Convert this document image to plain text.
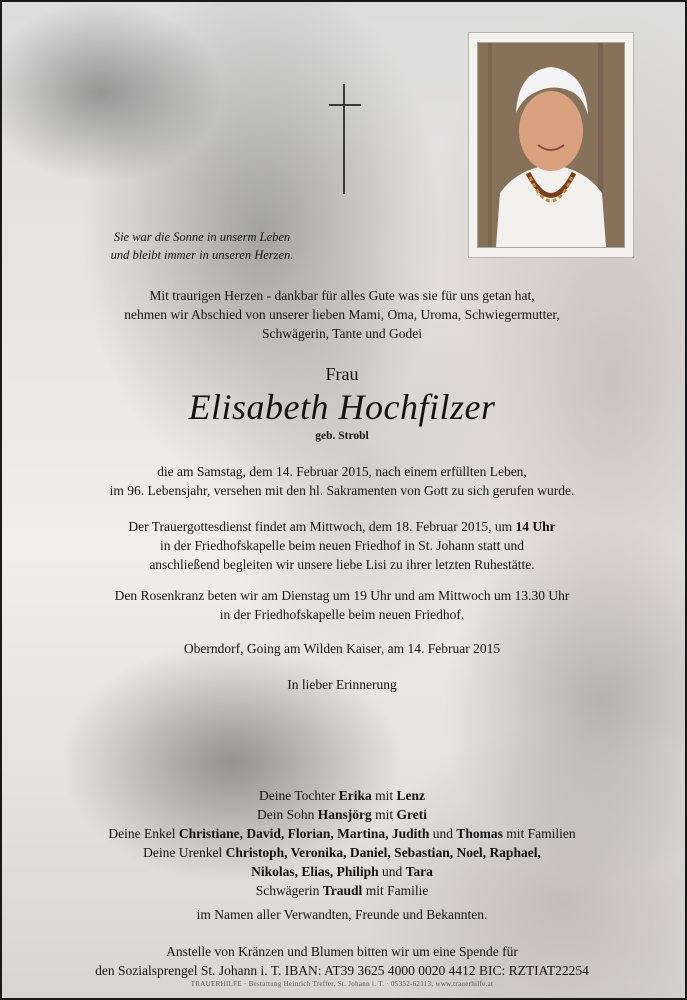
Sie war die Sonne in unserm Leben
und bleibt immer in unseren Herzen.
Mit traurigen Herzen - dankbar für alles Gute was sie für uns getan hat,
nehmen wir Abschied von unserer lieben Mami, Oma, Uroma, Schwiegermutter,
Schwägerin, Tante und Godei
Frau
Elisabeth Hochfilzer
geb. Strobl
die am Samstag, dem 14. Februar 2015, nach einem erfüllten Leben,
im 96. Lebensjahr, versehen mit den hl. Sakramenten von Gott zu sich gerufen wurde.
Der Trauergottesdienst findet am Mittwoch, dem 18. Februar 2015, um 14 Uhr
in der Friedhofskapelle beim neuen Friedhof in St. Johann statt und
anschließend begleiten wir unsere liebe Lisi zu ihrer letzten Ruhestätte.
Den Rosenkranz beten wir am Dienstag um 19 Uhr und am Mittwoch um 13.30 Uhr
in der Friedhofskapelle beim neuen Friedhof.
Oberndorf, Going am Wilden Kaiser, am 14. Februar 2015
In lieber Erinnerung
Deine Tochter Erika mit Lenz
Dein Sohn Hansjörg mit Greti
Deine Enkel Christiane, David, Florian, Martina, Judith und Thomas mit Familien
Deine Urenkel Christoph, Veronika, Daniel, Sebastian, Noel, Raphael,
Nikolas, Elias, Philiph und Tara
Schwägerin Traudl mit Familie
im Namen aller Verwandten, Freunde und Bekannten.
Anstelle von Kränzen und Blumen bitten wir um eine Spende für
den Sozialsprengel St. Johann i. T. IBAN: AT39 3625 4000 0020 4412 BIC: RZTIAT22254
TRAUERHILFE · Bestattung Heinrich Treffer, St. Johann i. T. · 05352-62113, www.trauerhilfe.at
